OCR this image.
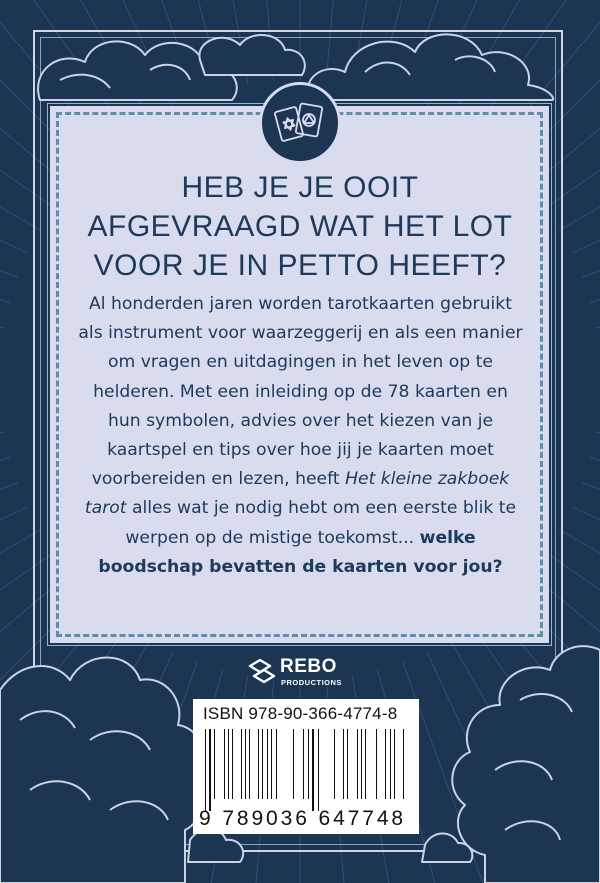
HEB JE JE OOIT AFGEVRAAGD WAT HET LOT VOOR JE IN PETTO HEEFT?

Al honderden jaren worden tarotkaarten gebruikt als instrument voor waarzeggerij en als een manier om vragen en uitdagingen in het leven op te helderen. Met een inleiding op de 78 kaarten en hun symbolen, advies over het kiezen van je kaartspel en tips over hoe jij je kaarten moet voorbereiden en lezen, heeft Het kleine zakboek tarot alles wat je nodig hebt om een eerste blik te werpen op de mistige toekomst... welke boodschap bevatten de kaarten voor jou?

REBO
PRODUCTIONS
ISBN 978-90-366-4774-8
9 789036 647748
